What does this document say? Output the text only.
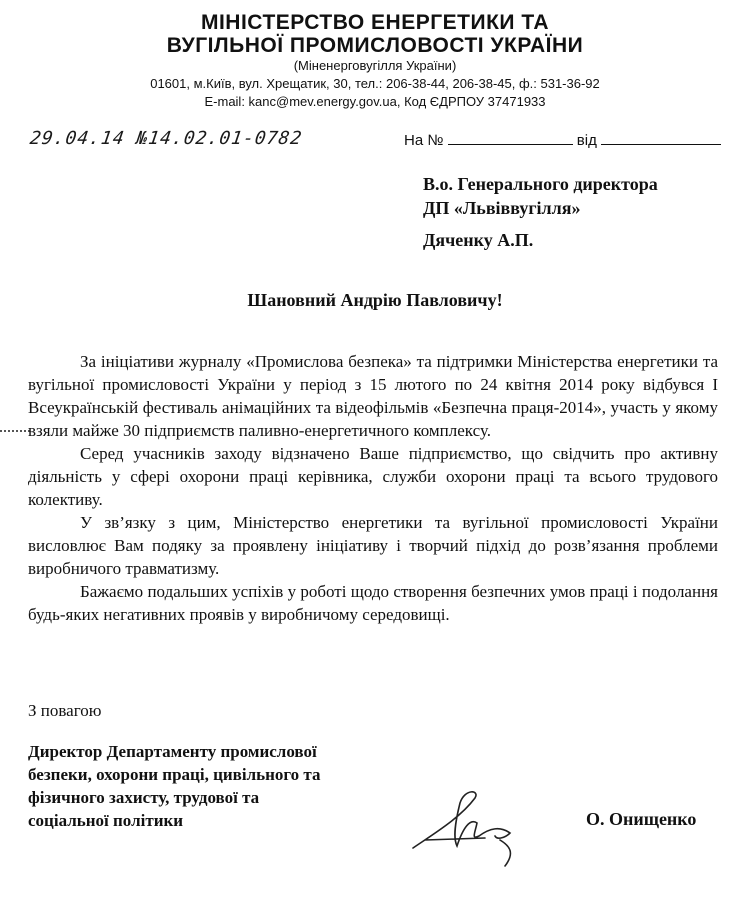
МІНІСТЕРСТВО ЕНЕРГЕТИКИ ТА
ВУГІЛЬНОЇ ПРОМИСЛОВОСТІ УКРАЇНИ
(Міненерговугілля України)
01601, м.Київ, вул. Хрещатик, 30, тел.: 206-38-44, 206-38-45, ф.: 531-36-92
E-mail: kanc@mev.energy.gov.ua, Код ЄДРПОУ 37471933
29.04.14 №14.02.01-0782	На №	від
В.о. Генерального директора
ДП «Львіввугілля»
Дяченку А.П.
Шановний Андрію Павловичу!

За ініціативи журналу «Промислова безпека» та підтримки Міністерства енергетики та вугільної промисловості України у період з 15 лютого по 24 квітня 2014 року відбувся І Всеукраїнській фестиваль анімаційних та відеофільмів «Безпечна праця-2014», участь у якому взяли майже 30 підприємств паливно-енергетичного комплексу.

Серед учасників заходу відзначено Ваше підприємство, що свідчить про активну діяльність у сфері охорони праці керівника, служби охорони праці та всього трудового колективу.

У зв’язку з цим, Міністерство енергетики та вугільної промисловості України висловлює Вам подяку за проявлену ініціативу і творчий підхід до розв’язання проблеми виробничого травматизму.

Бажаємо подальших успіхів у роботі щодо створення безпечних умов праці і подолання будь-яких негативних проявів у виробничому середовищі.

З повагою
Директор Департаменту промислової
безпеки, охорони праці, цивільного та
фізичного захисту, трудової та
соціальної політики	О. Онищенко
